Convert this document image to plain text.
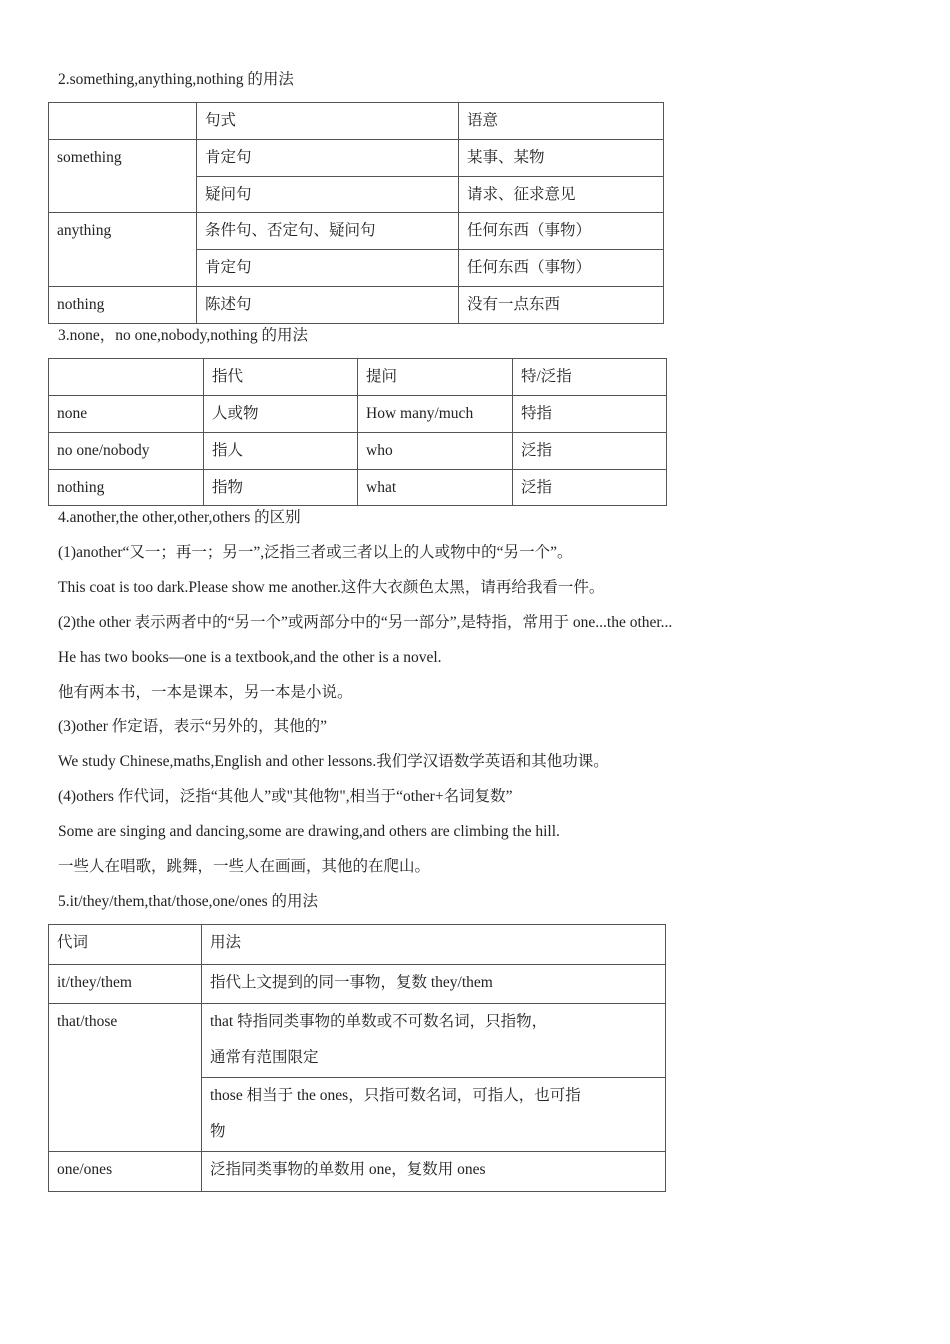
2.something,anything,nothing 的用法
	句式	语意
something	肯定句	某事、某物
	疑问句	请求、征求意见
anything	条件句、否定句、疑问句	任何东西（事物）
	肯定句	任何东西（事物）
nothing	陈述句	没有一点东西
3.none，no one,nobody,nothing 的用法
	指代	提问	特/泛指
none	人或物	How many/much	特指
no one/nobody	指人	who	泛指
nothing	指物	what	泛指
4.another,the other,other,others 的区别
(1)another“又一；再一；另一”,泛指三者或三者以上的人或物中的“另一个”。
This coat is too dark.Please show me another.这件大衣颜色太黑，请再给我看一件。
(2)the other 表示两者中的“另一个”或两部分中的“另一部分”,是特指，常用于 one...the other...
He has two books—one is a textbook,and the other is a novel.
他有两本书，一本是课本，另一本是小说。
(3)other 作定语，表示“另外的，其他的”
We study Chinese,maths,English and other lessons.我们学汉语数学英语和其他功课。
(4)others 作代词，泛指“其他人”或"其他物",相当于“other+名词复数”
Some are singing and dancing,some are drawing,and others are climbing the hill.
一些人在唱歌，跳舞，一些人在画画，其他的在爬山。
5.it/they/them,that/those,one/ones 的用法
代词	用法
it/they/them	指代上文提到的同一事物，复数 they/them
that/those	that 特指同类事物的单数或不可数名词，只指物，
通常有范围限定

	those 相当于 the ones，只指可数名词，可指人，也可指
物

one/ones	泛指同类事物的单数用 one，复数用 ones
